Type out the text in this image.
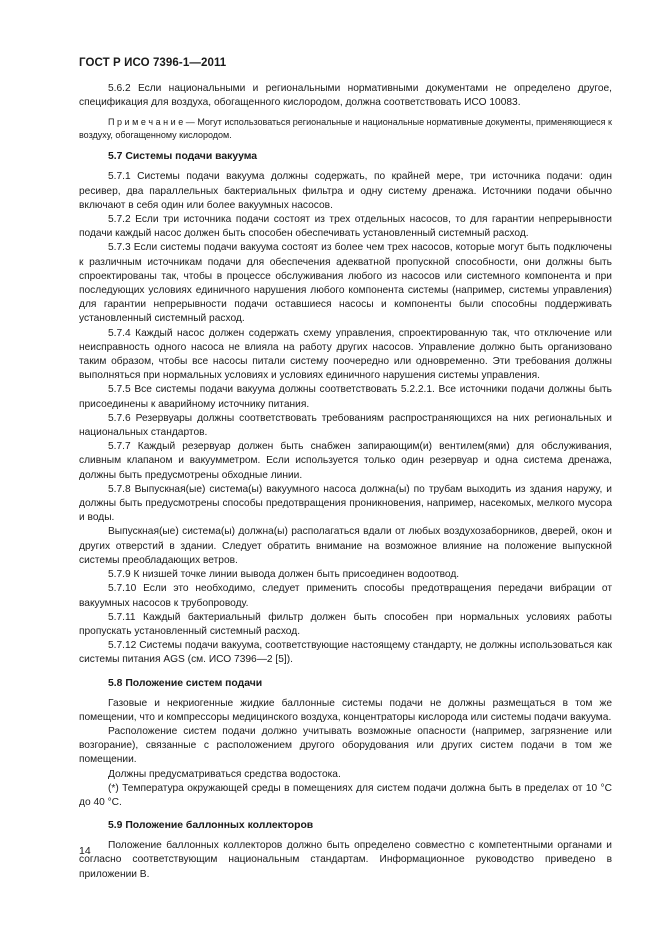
ГОСТ Р ИСО 7396-1—2011

5.6.2 Если национальными и региональными нормативными документами не определено другое, спецификация для воздуха, обогащенного кислородом, должна соответствовать ИСО 10083.

П р и м е ч а н и е — Могут использоваться региональные и национальные нормативные документы, применяющиеся к воздуху, обогащенному кислородом.

5.7 Системы подачи вакуума

5.7.1 Системы подачи вакуума должны содержать, по крайней мере, три источника подачи: один ресивер, два параллельных бактериальных фильтра и одну систему дренажа. Источники подачи обычно включают в себя один или более вакуумных насосов.

5.7.2 Если три источника подачи состоят из трех отдельных насосов, то для гарантии непрерывности подачи каждый насос должен быть способен обеспечивать установленный системный расход.

5.7.3 Если системы подачи вакуума состоят из более чем трех насосов, которые могут быть подключены к различным источникам подачи для обеспечения адекватной пропускной способности, они должны быть спроектированы так, чтобы в процессе обслуживания любого из насосов или системного компонента и при последующих условиях единичного нарушения любого компонента системы (например, системы управления) для гарантии непрерывности подачи оставшиеся насосы и компоненты были способны поддерживать установленный системный расход.

5.7.4 Каждый насос должен содержать схему управления, спроектированную так, что отключение или неисправность одного насоса не влияла на работу других насосов. Управление должно быть организовано таким образом, чтобы все насосы питали систему поочередно или одновременно. Эти требования должны выполняться при нормальных условиях и условиях единичного нарушения системы управления.

5.7.5 Все системы подачи вакуума должны соответствовать 5.2.2.1. Все источники подачи должны быть присоединены к аварийному источнику питания.

5.7.6 Резервуары должны соответствовать требованиям распространяющихся на них региональных и национальных стандартов.

5.7.7 Каждый резервуар должен быть снабжен запирающим(и) вентилем(ями) для обслуживания, сливным клапаном и вакуумметром. Если используется только один резервуар и одна система дренажа, должны быть предусмотрены обходные линии.

5.7.8 Выпускная(ые) система(ы) вакуумного насоса должна(ы) по трубам выходить из здания наружу, и должны быть предусмотрены способы предотвращения проникновения, например, насекомых, мелкого мусора и воды.

Выпускная(ые) система(ы) должна(ы) располагаться вдали от любых воздухозаборников, дверей, окон и других отверстий в здании. Следует обратить внимание на возможное влияние на положение выпускной системы преобладающих ветров.

5.7.9 К низшей точке линии вывода должен быть присоединен водоотвод.

5.7.10 Если это необходимо, следует применить способы предотвращения передачи вибрации от вакуумных насосов к трубопроводу.

5.7.11 Каждый бактериальный фильтр должен быть способен при нормальных условиях работы пропускать установленный системный расход.

5.7.12 Системы подачи вакуума, соответствующие настоящему стандарту, не должны использоваться как системы питания AGS (см. ИСО 7396—2 [5]).

5.8 Положение систем подачи

Газовые и некриогенные жидкие баллонные системы подачи не должны размещаться в том же помещении, что и компрессоры медицинского воздуха, концентраторы кислорода или системы подачи вакуума.

Расположение систем подачи должно учитывать возможные опасности (например, загрязнение или возгорание), связанные с расположением другого оборудования или других систем подачи в том же помещении.

Должны предусматриваться средства водостока.

(*) Температура окружающей среды в помещениях для систем подачи должна быть в пределах от 10 °С до 40 °С.

5.9 Положение баллонных коллекторов

Положение баллонных коллекторов должно быть определено совместно с компетентными органами и согласно соответствующим национальным стандартам. Информационное руководство приведено в приложении В.

14
